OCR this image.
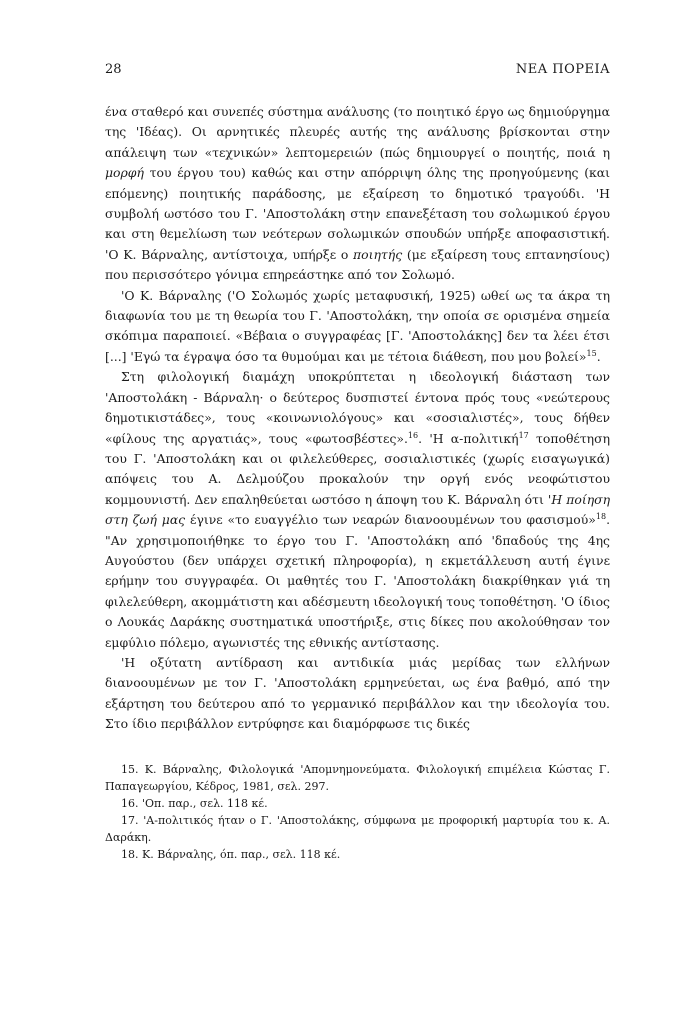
28	ΝΕΑ ΠΟΡΕΙΑ

ένα σταθερό και συνεπές σύστημα ανάλυσης (το ποιητικό έργο ως δημιούργημα της 'Ιδέας). Οι αρνητικές πλευρές αυτής της ανάλυσης βρίσκονται στην απάλειψη των «τεχνικών» λεπτομερειών (πώς δημιουργεί ο ποιητής, ποιά η μορφή του έργου του) καθώς και στην απόρριψη όλης της προηγούμενης (και επόμενης) ποιητικής παράδοσης, με εξαίρεση το δημοτικό τραγούδι. 'Η συμβολή ωστόσο του Γ. 'Αποστολάκη στην επανεξέταση του σολωμικού έργου και στη θεμελίωση των νεότερων σολωμικών σπουδών υπήρξε αποφασιστική. 'Ο Κ. Βάρναλης, αντίστοιχα, υπήρξε ο ποιητής (με εξαίρεση τους επτανησίους) που περισσότερο γόνιμα επηρεάστηκε από τον Σολωμό.

'Ο Κ. Βάρναλης ('Ο Σολωμός χωρίς μεταφυσική, 1925) ωθεί ως τα άκρα τη διαφωνία του με τη θεωρία του Γ. 'Αποστολάκη, την οποία σε ορισμένα σημεία σκόπιμα παραποιεί. «Βέβαια ο συγγραφέας [Γ. 'Αποστολάκης] δεν τα λέει έτσι [...] 'Εγώ τα έγραψα όσο τα θυμούμαι και με τέτοια διάθεση, που μου βολεί»$^{15}$.

Στη φιλολογική διαμάχη υποκρύπτεται η ιδεολογική διάσταση των 'Αποστολάκη - Βάρναλη· ο δεύτερος δυσπιστεί έντονα πρός τους «νεώτερους δημοτικιστάδες», τους «κοινωνιολόγους» και «σοσιαλιστές», τους δήθεν «φίλους της αργατιάς», τους «φωτοσβέστες».$^{16}$. 'Η α-πολιτική$^{17}$ τοποθέτηση του Γ. 'Αποστολάκη και οι φιλελεύθερες, σοσιαλιστικές (χωρίς εισαγωγικά) απόψεις του Α. Δελμούζου προκαλούν την οργή ενός νεοφώτιστου κομμουνιστή. Δεν επαληθεύεται ωστόσο η άποψη του Κ. Βάρναλη ότι 'Η ποίηση στη ζωή μας έγινε «το ευαγγέλιο των νεαρών διανοουμένων του φασισμού»$^{18}$. "Αν χρησιμοποιήθηκε το έργο του Γ. 'Αποστολάκη από 'δπαδούς της 4ης Αυγούστου (δεν υπάρχει σχετική πληροφορία), η εκμετάλλευση αυτή έγινε ερήμην του συγγραφέα. Οι μαθητές του Γ. 'Αποστολάκη διακρίθηκαν γιά τη φιλελεύθερη, ακομμάτιστη και αδέσμευτη ιδεολογική τους τοποθέτηση. 'Ο ίδιος ο Λουκάς Δαράκης συστηματικά υποστήριξε, στις δίκες που ακολούθησαν τον εμφύλιο πόλεμο, αγωνιστές της εθνικής αντίστασης.

'Η οξύτατη αντίδραση και αντιδικία μιάς μερίδας των ελλήνων διανοουμένων με τον Γ. 'Αποστολάκη ερμηνεύεται, ως ένα βαθμό, από την εξάρτηση του δεύτερου από το γερμανικό περιβάλλον και την ιδεολογία του. Στο ίδιο περιβάλλον εντρύφησε και διαμόρφωσε τις δικές

15. Κ. Βάρναλης, Φιλολογικά 'Απομνημονεύματα. Φιλολογική επιμέλεια Κώστας Γ. Παπαγεωργίου, Κέδρος, 1981, σελ. 297.

16. 'Οπ. παρ., σελ. 118 κέ.

17. 'Α-πολιτικός ήταν ο Γ. 'Αποστολάκης, σύμφωνα με προφορική μαρτυρία του κ. Α. Δαράκη.

18. Κ. Βάρναλης, όπ. παρ., σελ. 118 κέ.
